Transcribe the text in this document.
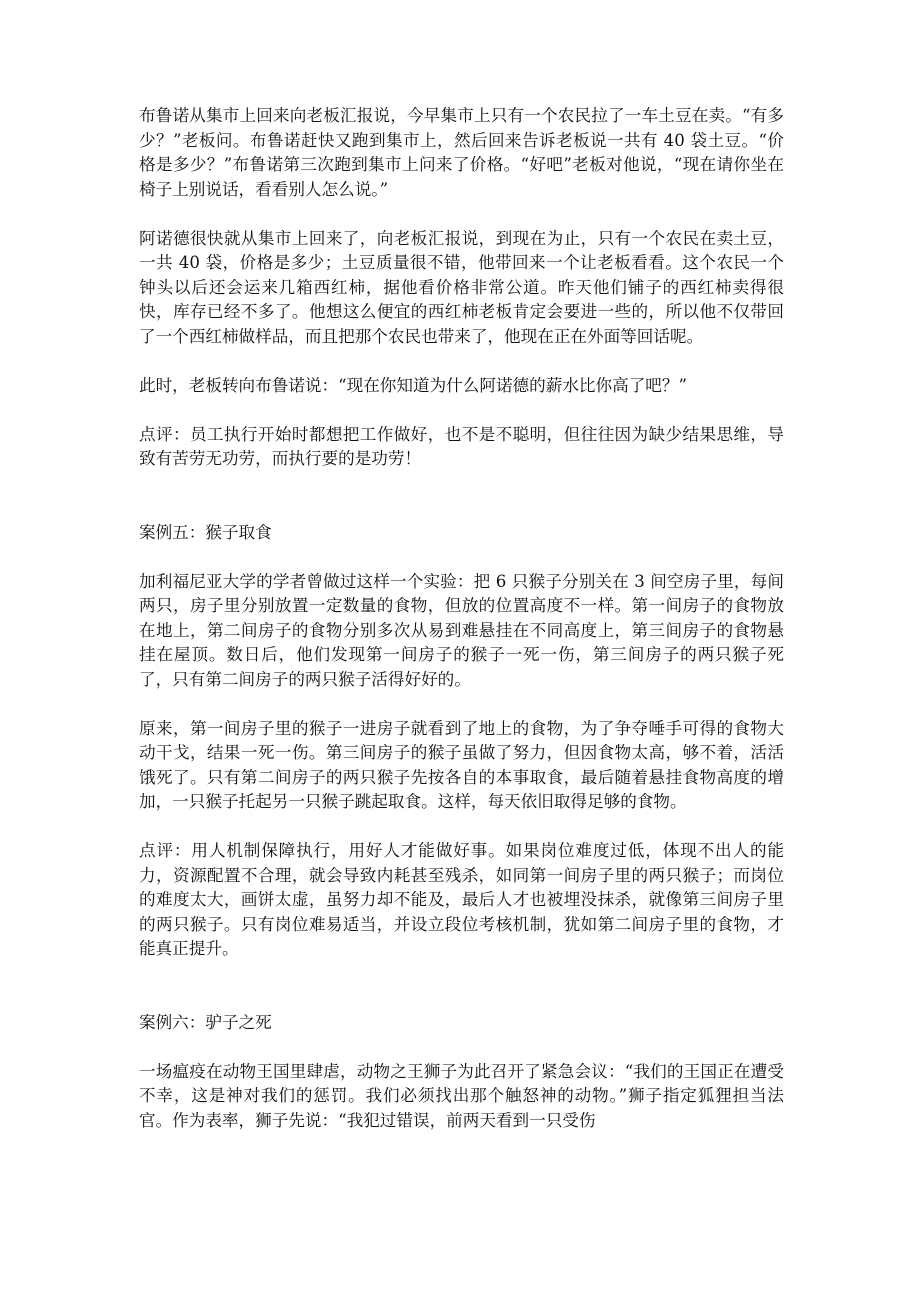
布鲁诺从集市上回来向老板汇报说，今早集市上只有一个农民拉了一车土豆在卖。“有多少？”老板问。布鲁诺赶快又跑到集市上，然后回来告诉老板说一共有 40 袋土豆。“价格是多少？”布鲁诺第三次跑到集市上问来了价格。“好吧”老板对他说，“现在请你坐在椅子上别说话，看看别人怎么说。”

阿诺德很快就从集市上回来了，向老板汇报说，到现在为止，只有一个农民在卖土豆，一共 40 袋，价格是多少；土豆质量很不错，他带回来一个让老板看看。这个农民一个钟头以后还会运来几箱西红柿，据他看价格非常公道。昨天他们铺子的西红柿卖得很快，库存已经不多了。他想这么便宜的西红柿老板肯定会要进一些的，所以他不仅带回了一个西红柿做样品，而且把那个农民也带来了，他现在正在外面等回话呢。

此时，老板转向布鲁诺说：“现在你知道为什么阿诺德的薪水比你高了吧？”

点评：员工执行开始时都想把工作做好，也不是不聪明，但往往因为缺少结果思维，导致有苦劳无功劳，而执行要的是功劳！

案例五：猴子取食

加利福尼亚大学的学者曾做过这样一个实验：把 6 只猴子分别关在 3 间空房子里，每间两只，房子里分别放置一定数量的食物，但放的位置高度不一样。第一间房子的食物放在地上，第二间房子的食物分别多次从易到难悬挂在不同高度上，第三间房子的食物悬挂在屋顶。数日后，他们发现第一间房子的猴子一死一伤，第三间房子的两只猴子死了，只有第二间房子的两只猴子活得好好的。

原来，第一间房子里的猴子一进房子就看到了地上的食物，为了争夺唾手可得的食物大动干戈，结果一死一伤。第三间房子的猴子虽做了努力，但因食物太高，够不着，活活饿死了。只有第二间房子的两只猴子先按各自的本事取食，最后随着悬挂食物高度的增加，一只猴子托起另一只猴子跳起取食。这样，每天依旧取得足够的食物。

点评：用人机制保障执行，用好人才能做好事。如果岗位难度过低，体现不出人的能力，资源配置不合理，就会导致内耗甚至残杀，如同第一间房子里的两只猴子；而岗位的难度太大，画饼太虚，虽努力却不能及，最后人才也被埋没抹杀，就像第三间房子里的两只猴子。只有岗位难易适当，并设立段位考核机制，犹如第二间房子里的食物，才能真正提升。

案例六：驴子之死

一场瘟疫在动物王国里肆虐，动物之王狮子为此召开了紧急会议：“我们的王国正在遭受不幸，这是神对我们的惩罚。我们必须找出那个触怒神的动物。”狮子指定狐狸担当法官。作为表率，狮子先说：“我犯过错误，前两天看到一只受伤
